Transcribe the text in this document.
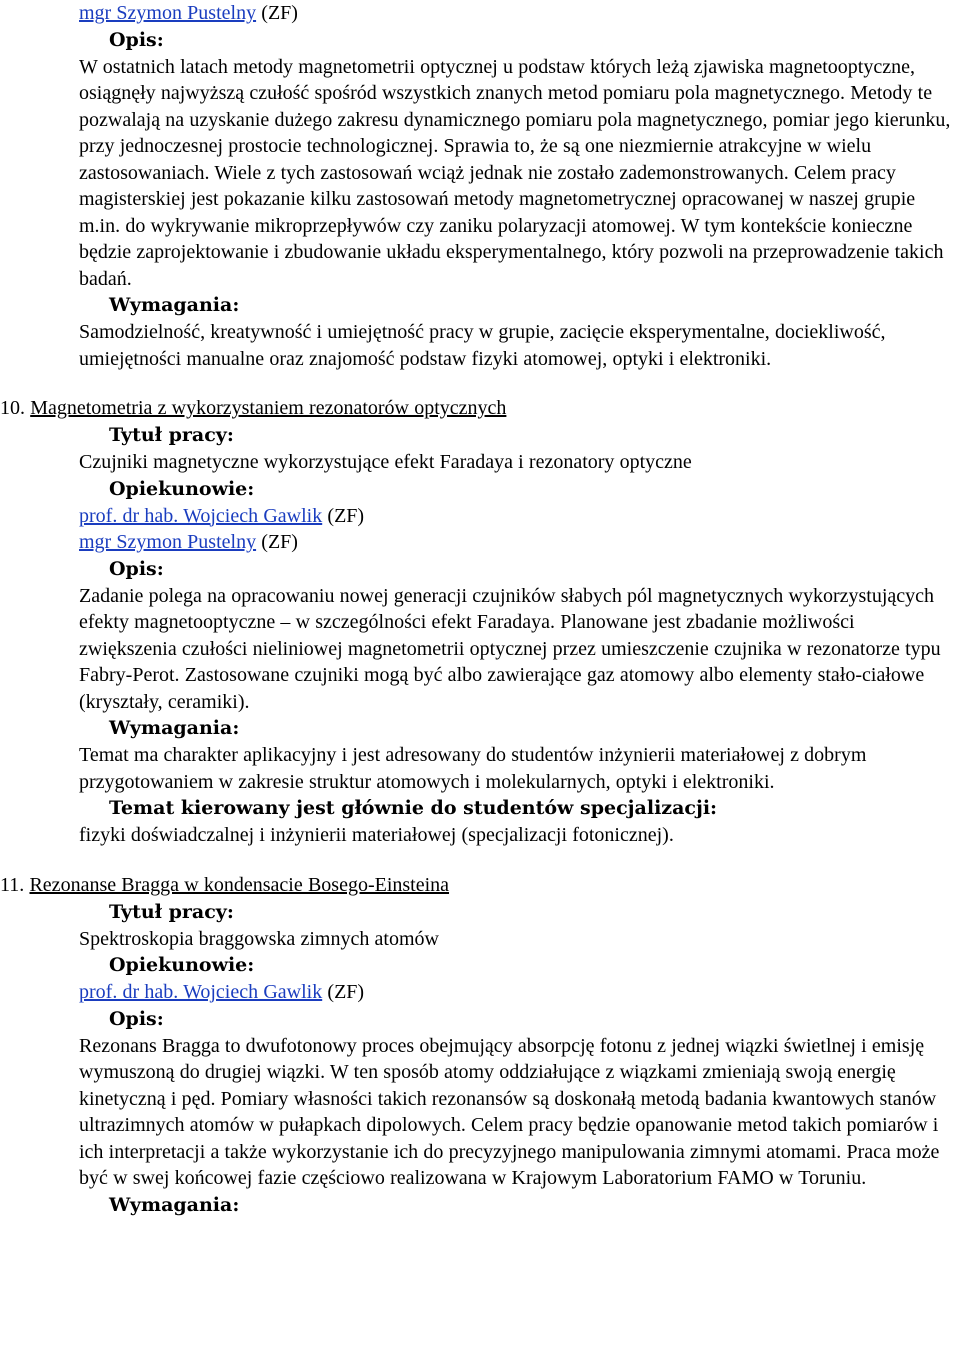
mgr Szymon Pustelny (ZF)

Opis:

W ostatnich latach metody magnetometrii optycznej u podstaw których leżą zjawiska magnetooptyczne, osiągnęły najwyższą czułość spośród wszystkich znanych metod pomiaru pola magnetycznego. Metody te pozwalają na uzyskanie dużego zakresu dynamicznego pomiaru pola magnetycznego, pomiar jego kierunku, przy jednoczesnej prostocie technologicznej. Sprawia to, że są one niezmiernie atrakcyjne w wielu zastosowaniach. Wiele z tych zastosowań wciąż jednak nie zostało zademonstrowanych. Celem pracy magisterskiej jest pokazanie kilku zastosowań metody magnetometrycznej opracowanej w naszej grupie m.in. do wykrywanie mikroprzepływów czy zaniku polaryzacji atomowej. W tym kontekście konieczne będzie zaprojektowanie i zbudowanie układu eksperymentalnego, który pozwoli na przeprowadzenie takich badań.

Wymagania:

Samodzielność, kreatywność i umiejętność pracy w grupie, zacięcie eksperymentalne, dociekliwość, umiejętności manualne oraz znajomość podstaw fizyki atomowej, optyki i elektroniki.

10. Magnetometria z wykorzystaniem rezonatorów optycznych

Tytuł pracy:

Czujniki magnetyczne wykorzystujące efekt Faradaya i rezonatory optyczne

Opiekunowie:

prof. dr hab. Wojciech Gawlik (ZF)

mgr Szymon Pustelny (ZF)

Opis:

Zadanie polega na opracowaniu nowej generacji czujników słabych pól magnetycznych wykorzystujących efekty magnetooptyczne – w szczególności efekt Faradaya. Planowane jest zbadanie możliwości zwiększenia czułości nieliniowej magnetometrii optycznej przez umieszczenie czujnika w rezonatorze typu Fabry-Perot. Zastosowane czujniki mogą być albo zawierające gaz atomowy albo elementy stało-ciałowe (kryształy, ceramiki).

Wymagania:

Temat ma charakter aplikacyjny i jest adresowany do studentów inżynierii materiałowej z dobrym przygotowaniem w zakresie struktur atomowych i molekularnych, optyki i elektroniki.

Temat kierowany jest głównie do studentów specjalizacji:

fizyki doświadczalnej i inżynierii materiałowej (specjalizacji fotonicznej).

11. Rezonanse Bragga w kondensacie Bosego-Einsteina

Tytuł pracy:

Spektroskopia braggowska zimnych atomów

Opiekunowie:

prof. dr hab. Wojciech Gawlik (ZF)

Opis:

Rezonans Bragga to dwufotonowy proces obejmujący absorpcję fotonu z jednej wiązki świetlnej i emisję wymuszoną do drugiej wiązki. W ten sposób atomy oddziałujące z wiązkami zmieniają swoją energię kinetyczną i pęd. Pomiary własności takich rezonansów są doskonałą metodą badania kwantowych stanów ultrazimnych atomów w pułapkach dipolowych. Celem pracy będzie opanowanie metod takich pomiarów i ich interpretacji a także wykorzystanie ich do precyzyjnego manipulowania zimnymi atomami. Praca może być w swej końcowej fazie częściowo realizowana w Krajowym Laboratorium FAMO w Toruniu.

Wymagania:
